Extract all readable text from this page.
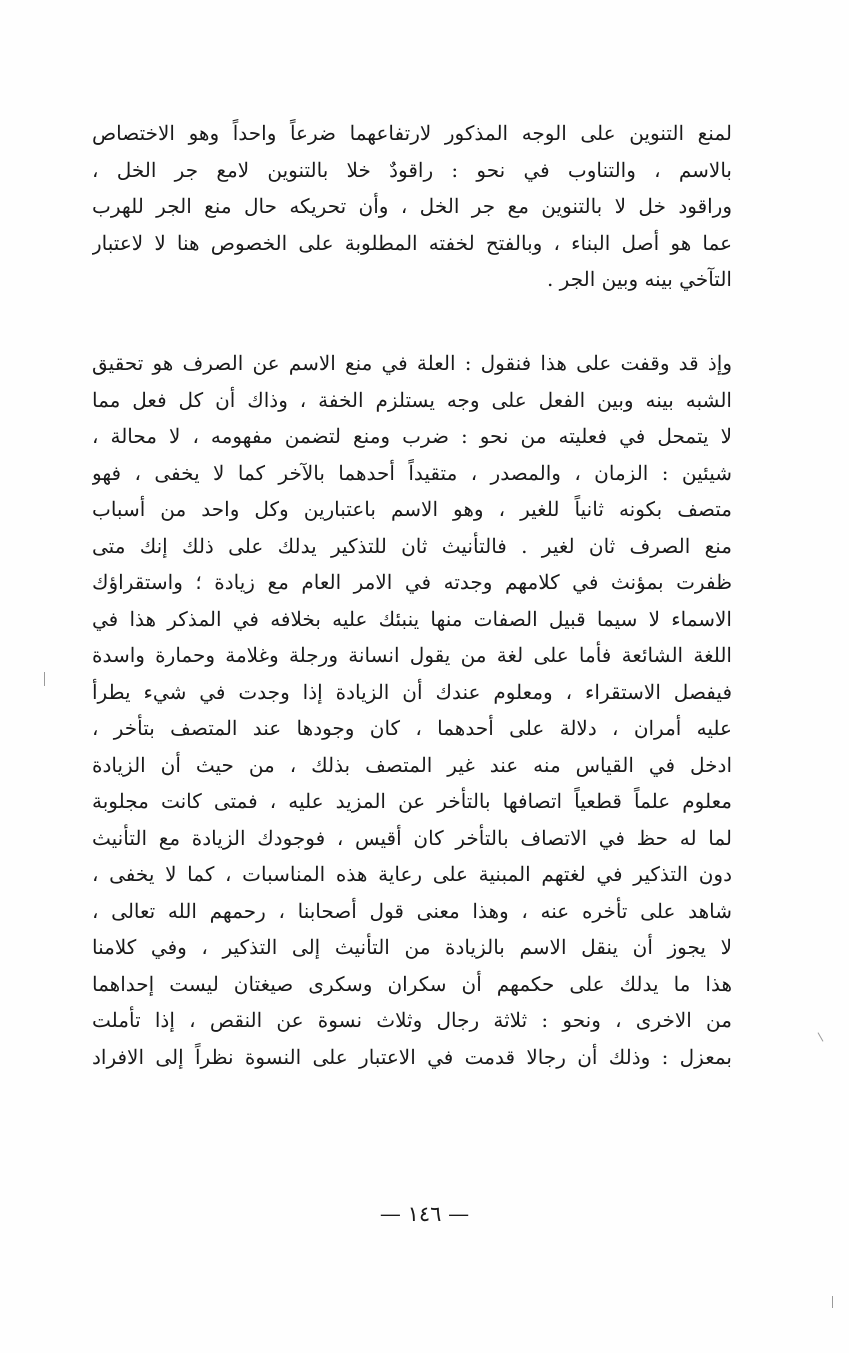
لمنع التنوين على الوجه المذكور لارتفاعهما ضرعاً واحداً وهو الاختصاص
بالاسم ، والتناوب في نحو : راقودٌ خلا بالتنوين لامع جر الخل ،
وراقود خل لا بالتنوين مع جر الخل ، وأن تحريكه حال منع الجر للهرب
عما هو أصل البناء ، وبالفتح لخفته المطلوبة على الخصوص هنا لا لاعتبار
التآخي بينه وبين الجر .
وإذ قد وقفت على هذا فنقول : العلة في منع الاسم عن الصرف هو تحقيق
الشبه بينه وبين الفعل على وجه يستلزم الخفة ، وذاك أن كل فعل مما
لا يتمحل في فعليته من نحو : ضرب ومنع لتضمن مفهومه ، لا محالة ،
شيئين : الزمان ، والمصدر ، متقيداً أحدهما بالآخر كما لا يخفى ، فهو
متصف بكونه ثانياً للغير ، وهو الاسم باعتبارين وكل واحد من أسباب
منع الصرف ثان لغير . فالتأنيث ثان للتذكير يدلك على ذلك إنك متى
ظفرت بمؤنث في كلامهم وجدته في الامر العام مع زيادة ؛ واستقراؤك
الاسماء لا سيما قبيل الصفات منها ينبئك عليه بخلافه في المذكر هذا في
اللغة الشائعة فأما على لغة من يقول انسانة ورجلة وغلامة وحمارة واسدة
فيفصل الاستقراء ، ومعلوم عندك أن الزيادة إذا وجدت في شيء يطرأ
عليه أمران ، دلالة على أحدهما ، كان وجودها عند المتصف بتأخر ،
ادخل في القياس منه عند غير المتصف بذلك ، من حيث أن الزيادة
معلوم علماً قطعياً اتصافها بالتأخر عن المزيد عليه ، فمتى كانت مجلوبة
لما له حظ في الاتصاف بالتأخر كان أقيس ، فوجودك الزيادة مع التأنيث
دون التذكير في لغتهم المبنية على رعاية هذه المناسبات ، كما لا يخفى ،
شاهد على تأخره عنه ، وهذا معنى قول أصحابنا ، رحمهم الله تعالى ،
لا يجوز أن ينقل الاسم بالزيادة من التأنيث إلى التذكير ، وفي كلامنا
هذا ما يدلك على حكمهم أن سكران وسكرى صيغتان ليست إحداهما
من الاخرى ، ونحو : ثلاثة رجال وثلاث نسوة عن النقص ، إذا تأملت
بمعزل : وذلك أن رجالا قدمت في الاعتبار على النسوة نظراً إلى الافراد
— ١٤٦ —
